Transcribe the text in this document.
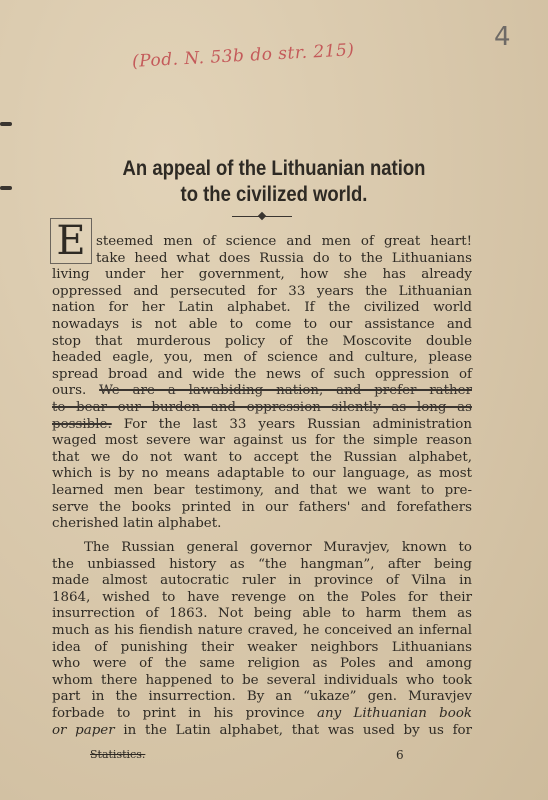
(Pod. N. 53b do str. 215)
4
An appeal of the Lithuanian nation
to the civilized world.
E steemed men of science and men of great heart!
take heed what does Russia do to the Lithuanians
living under her government, how she has already
oppressed and persecuted for 33 years the Lithuanian
nation for her Latin alphabet. If the civilized world
nowadays is not able to come to our assistance and
stop that murderous policy of the Moscovite double
headed eagle, you, men of science and culture, please
spread broad and wide the news of such oppression of
ours. We are a lawabiding nation, and prefer rather
to bear our burden and oppression silently as long as
possible. For the last 33 years Russian administration
waged most severe war against us for the simple reason
that we do not want to accept the Russian alphabet,
which is by no means adaptable to our language, as most
learned men bear testimony, and that we want to pre-
serve the books printed in our fathers' and forefathers
cherished latin alphabet.
The Russian general governor Muravjev, known to
the unbiassed history as “the hangman”, after being
made almost autocratic ruler in province of Vilna in
1864, wished to have revenge on the Poles for their
insurrection of 1863. Not being able to harm them as
much as his fiendish nature craved, he conceived an infernal
idea of punishing their weaker neighbors Lithuanians
who were of the same religion as Poles and among
whom there happened to be several individuals who took
part in the insurrection. By an “ukaze” gen. Muravjev
forbade to print in his province any Lithuanian book
or paper in the Latin alphabet, that was used by us for
Statistics.	6
